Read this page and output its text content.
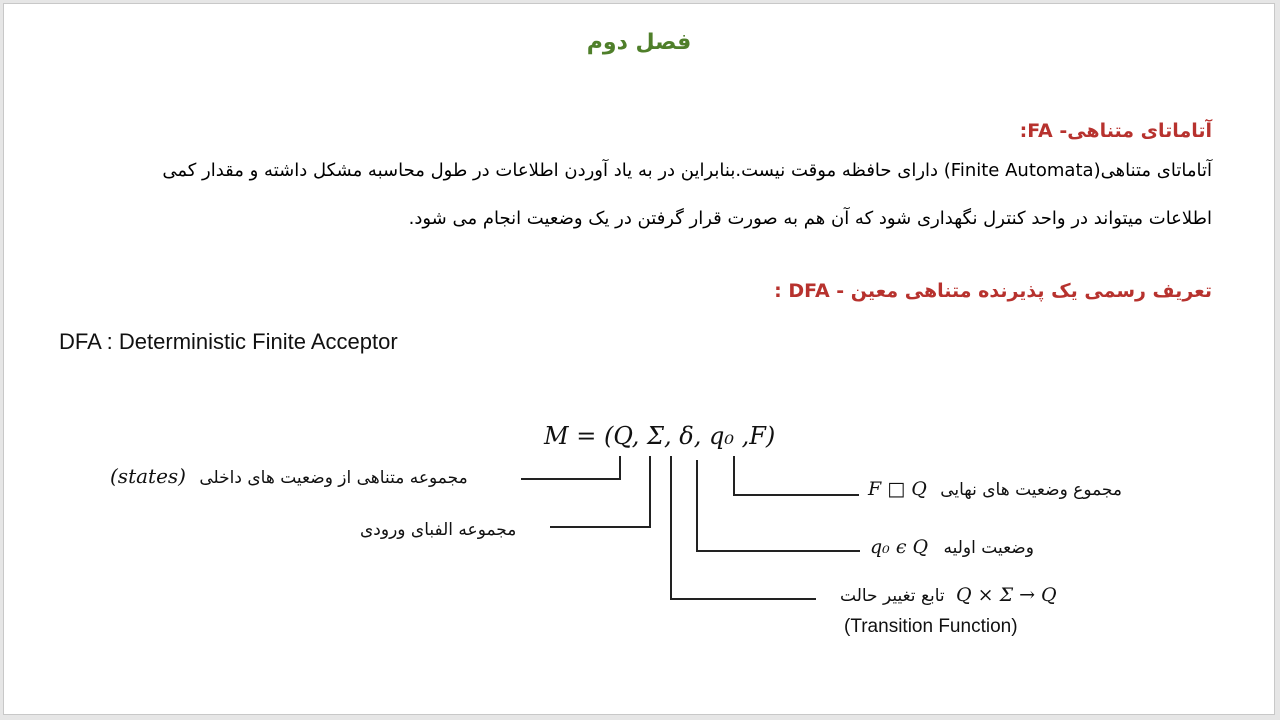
فصل دوم
آتاماتای متناهی- FA:
آتاماتای متناهی(Finite Automata) دارای حافظه موقت نیست.بنابراین در به یاد آوردن اطلاعات در طول محاسبه مشکل داشته و مقدار کمی
اطلاعات میتواند در واحد کنترل نگهداری شود که آن هم به صورت قرار گرفتن در یک وضعیت انجام می شود.
تعریف رسمی یک پذیرنده متناهی معین - DFA :
DFA : Deterministic Finite Acceptor
M = (Q, Σ, δ, q₀ ,F)
(states) مجموعه متناهی از وضعیت های داخلی
مجموعه الفبای ورودی
F □ Q مجموع وضعیت های نهایی
q₀ ϵ Q وضعیت اولیه
تابع تغییر حالت Q × Σ → Q
(Transition Function)
